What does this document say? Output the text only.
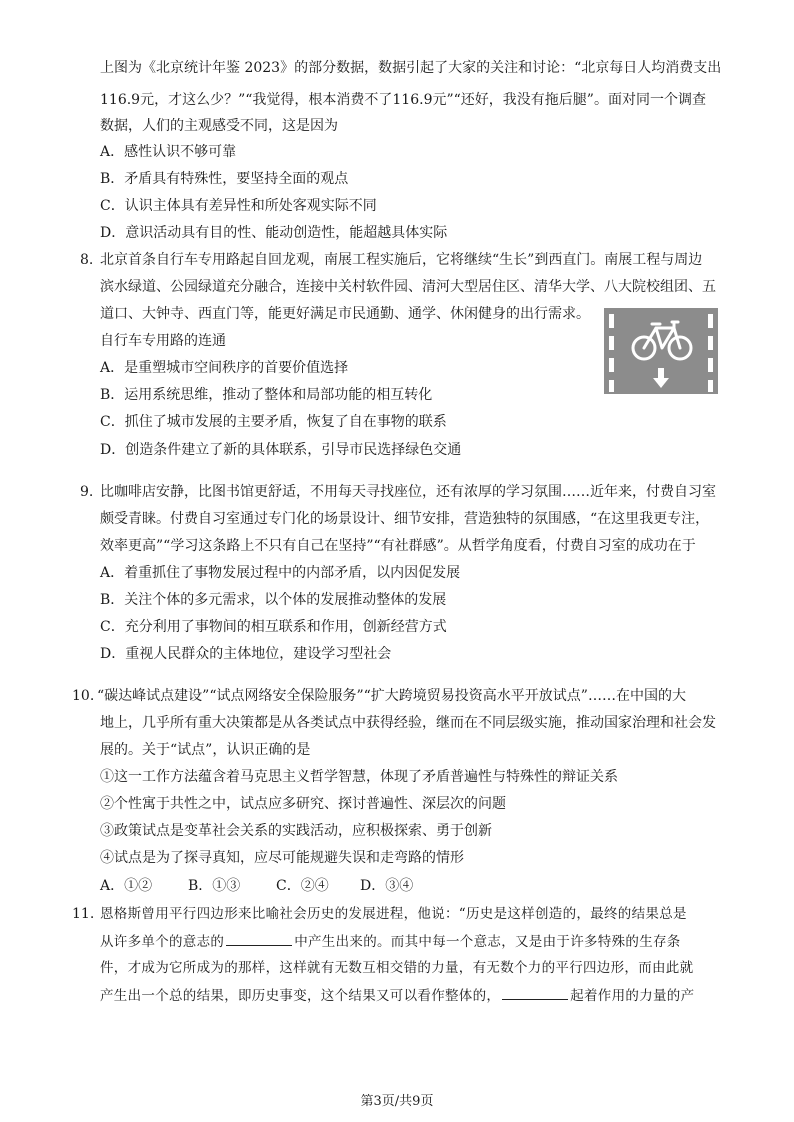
上图为《北京统计年鉴 2023》的部分数据，数据引起了大家的关注和讨论：“北京每日人均消费支出
116.9元，才这么少？”“我觉得，根本消费不了116.9元”“还好，我没有拖后腿”。面对同一个调查
数据，人们的主观感受不同，这是因为
A．感性认识不够可靠
B．矛盾具有特殊性，要坚持全面的观点
C．认识主体具有差异性和所处客观实际不同
D．意识活动具有目的性、能动创造性，能超越具体实际
8. 北京首条自行车专用路起自回龙观，南展工程实施后，它将继续“生长”到西直门。南展工程与周边
滨水绿道、公园绿道充分融合，连接中关村软件园、清河大型居住区、清华大学、八大院校组团、五
道口、大钟寺、西直门等，能更好满足市民通勤、通学、休闲健身的出行需求。
自行车专用路的连通
A．是重塑城市空间秩序的首要价值选择
B．运用系统思维，推动了整体和局部功能的相互转化
C．抓住了城市发展的主要矛盾，恢复了自在事物的联系
D．创造条件建立了新的具体联系，引导市民选择绿色交通
9. 比咖啡店安静，比图书馆更舒适，不用每天寻找座位，还有浓厚的学习氛围……近年来，付费自习室
颇受青睐。付费自习室通过专门化的场景设计、细节安排，营造独特的氛围感，“在这里我更专注，
效率更高”“学习这条路上不只有自己在坚持”“有社群感”。从哲学角度看，付费自习室的成功在于
A．着重抓住了事物发展过程中的内部矛盾，以内因促发展
B．关注个体的多元需求，以个体的发展推动整体的发展
C．充分利用了事物间的相互联系和作用，创新经营方式
D．重视人民群众的主体地位，建设学习型社会
10. “碳达峰试点建设”“试点网络安全保险服务”“扩大跨境贸易投资高水平开放试点”……在中国的大
地上，几乎所有重大决策都是从各类试点中获得经验，继而在不同层级实施，推动国家治理和社会发
展的。关于“试点”，认识正确的是
①这一工作方法蕴含着马克思主义哲学智慧，体现了矛盾普遍性与特殊性的辩证关系
②个性寓于共性之中，试点应多研究、探讨普遍性、深层次的问题
③政策试点是变革社会关系的实践活动，应积极探索、勇于创新
④试点是为了探寻真知，应尽可能规避失误和走弯路的情形
A．①②	B．①③	C．②④ D．③④
11. 恩格斯曾用平行四边形来比喻社会历史的发展进程，他说：“历史是这样创造的，最终的结果总是
从许多单个的意志的	中产生出来的。而其中每一个意志，又是由于许多特殊的生存条
件，才成为它所成为的那样，这样就有无数互相交错的力量，有无数个力的平行四边形，而由此就
产生出一个总的结果，即历史事变，这个结果又可以看作整体的，	起着作用的力量的产
第3页/共9页
